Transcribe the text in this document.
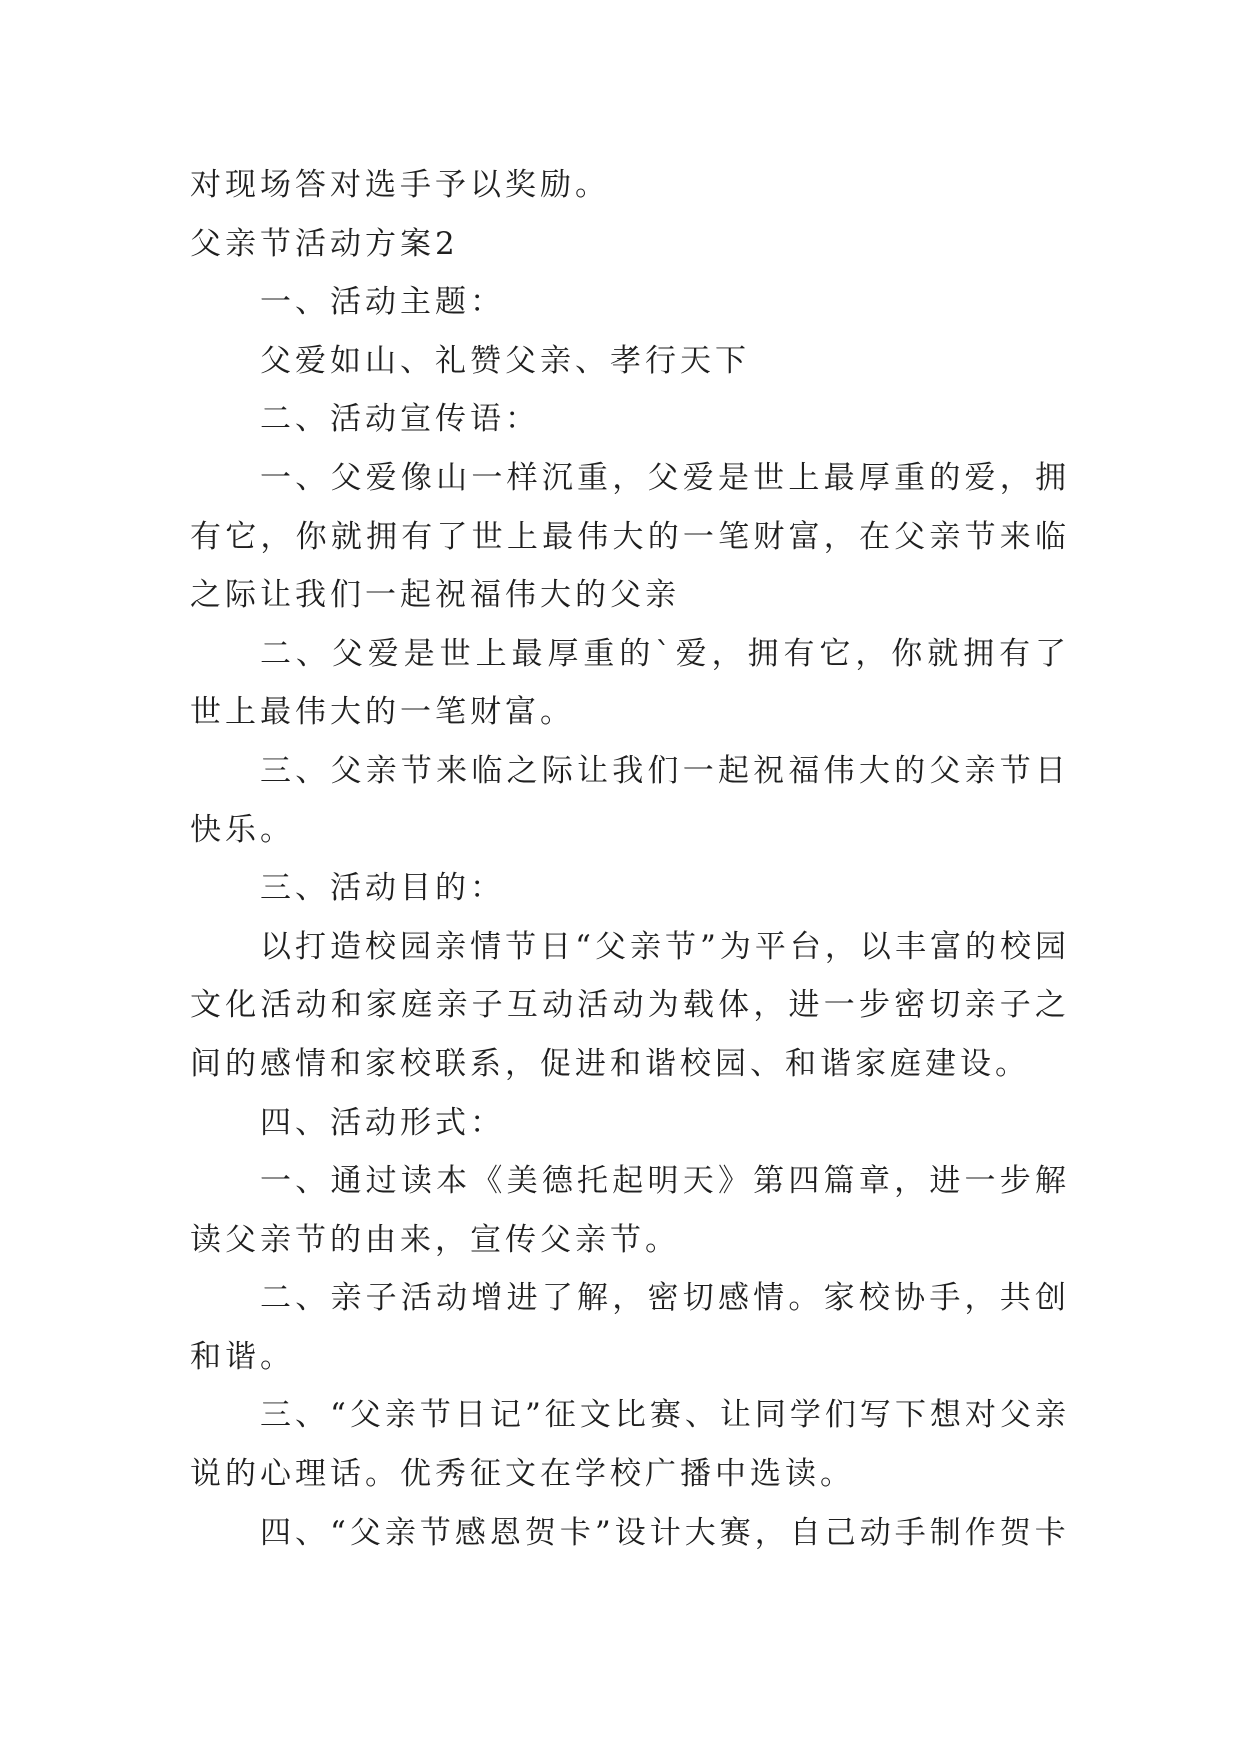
对现场答对选手予以奖励。

父亲节活动方案2

一、活动主题：

父爱如山、礼赞父亲、孝行天下

二、活动宣传语：

一、父爱像山一样沉重，父爱是世上最厚重的爱，拥有它，你就拥有了世上最伟大的一笔财富，在父亲节来临之际让我们一起祝福伟大的父亲

二、父爱是世上最厚重的`爱，拥有它，你就拥有了世上最伟大的一笔财富。

三、父亲节来临之际让我们一起祝福伟大的父亲节日快乐。

三、活动目的：

以打造校园亲情节日“父亲节”为平台，以丰富的校园文化活动和家庭亲子互动活动为载体，进一步密切亲子之间的感情和家校联系，促进和谐校园、和谐家庭建设。

四、活动形式：

一、通过读本《美德托起明天》第四篇章，进一步解读父亲节的由来，宣传父亲节。

二、亲子活动增进了解，密切感情。家校协手，共创和谐。

三、“父亲节日记”征文比赛、让同学们写下想对父亲说的心理话。优秀征文在学校广播中选读。

四、“父亲节感恩贺卡”设计大赛，自己动手制作贺卡
